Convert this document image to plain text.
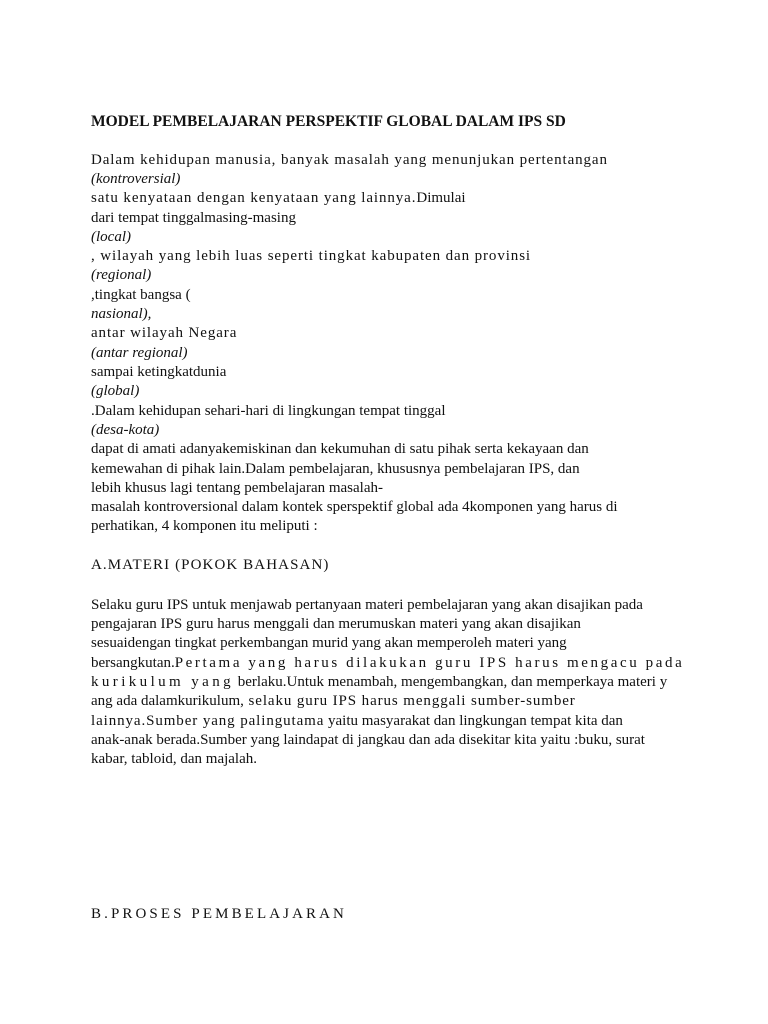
MODEL PEMBELAJARAN PERSPEKTIF GLOBAL DALAM IPS SD
Dalam kehidupan manusia, banyak masalah yang menunjukan pertentangan
(kontroversial)
satu kenyataan dengan kenyataan yang lainnya.Dimulai
dari tempat tinggalmasing-masing
(local)
, wilayah yang lebih luas seperti tingkat kabupaten dan provinsi
(regional)
,tingkat bangsa (
nasional),
antar wilayah Negara
(antar regional)
sampai ketingkatdunia
(global)
.Dalam kehidupan sehari-hari di lingkungan tempat tinggal
(desa-kota)
dapat di amati adanyakemiskinan dan kekumuhan di satu pihak serta kekayaan dan
kemewahan di pihak lain.Dalam pembelajaran, khususnya pembelajaran IPS, dan
lebih khusus lagi tentang pembelajaran masalah-
masalah kontroversional dalam kontek sperspektif global ada 4komponen yang harus di
perhatikan, 4 komponen itu meliputi :
A.MATERI (POKOK BAHASAN)
Selaku guru IPS untuk menjawab pertanyaan materi pembelajaran yang akan disajikan pada
pengajaran IPS guru harus menggali dan merumuskan materi yang akan disajikan
sesuaidengan tingkat perkembangan murid yang akan memperoleh materi yang
bersangkutan.Pertama yang harus dilakukan guru IPS harus mengacu pada
kurikulum yang berlaku.Untuk menambah, mengembangkan, dan memperkaya materi y
ang ada dalamkurikulum, selaku guru IPS harus menggali sumber-sumber
lainnya.Sumber yang palingutama yaitu masyarakat dan lingkungan tempat kita dan
anak-anak berada.Sumber yang laindapat di jangkau dan ada disekitar kita yaitu :buku, surat
kabar, tabloid, dan majalah.
B.PROSES PEMBELAJARAN
